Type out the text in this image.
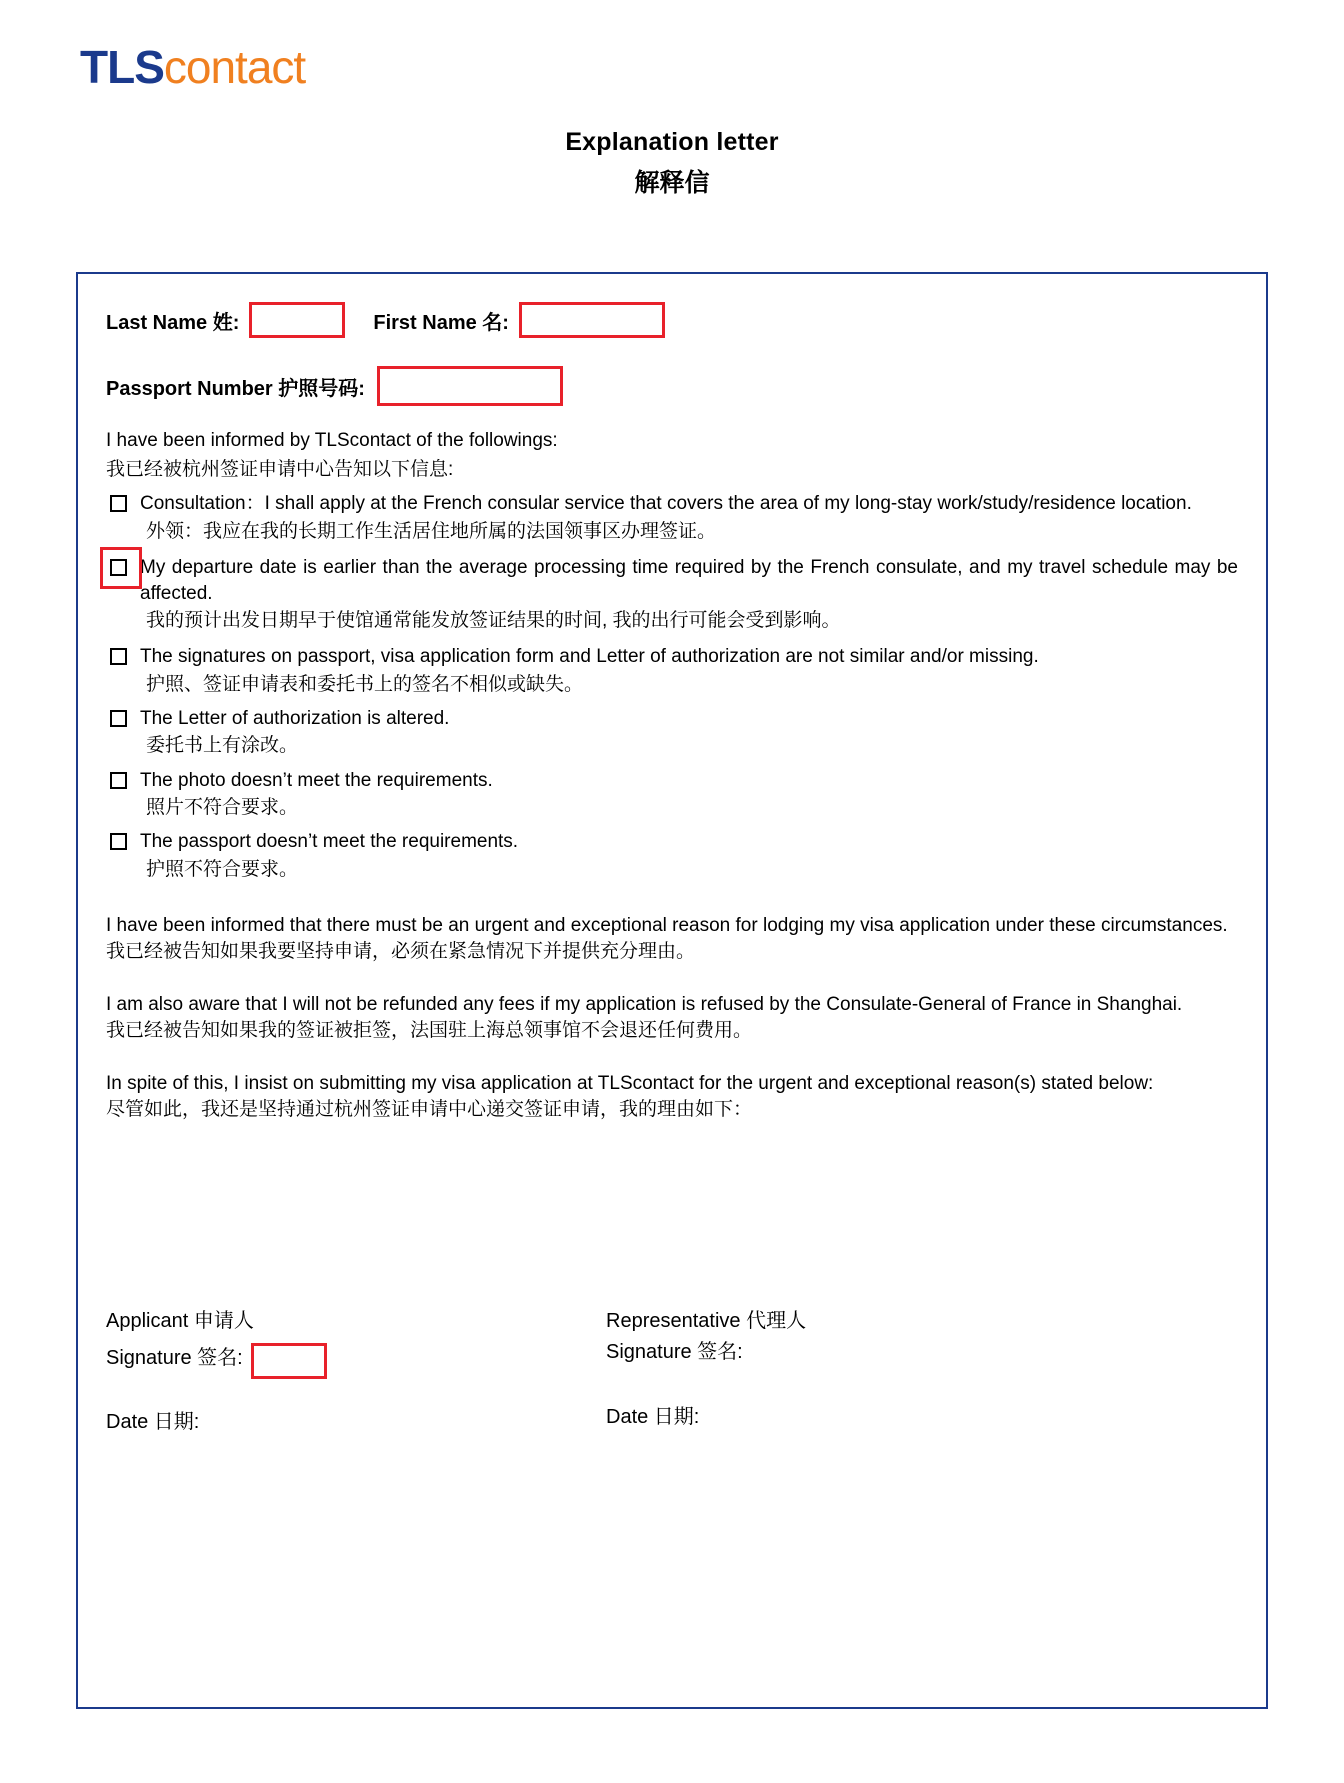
TLScontact
Explanation letter
解释信
Last Name 姓:	First Name 名:
Passport Number 护照号码:
I have been informed by TLScontact of the followings:
我已经被杭州签证申请中心告知以下信息:
Consultation：I shall apply at the French consular service that covers the area of my long-stay work/study/residence location.
外领：我应在我的长期工作生活居住地所属的法国领事区办理签证。
My departure date is earlier than the average processing time required by the French consulate, and my travel schedule may be affected.
我的预计出发日期早于使馆通常能发放签证结果的时间, 我的出行可能会受到影响。
The signatures on passport, visa application form and Letter of authorization are not similar and/or missing.
护照、签证申请表和委托书上的签名不相似或缺失。
The Letter of authorization is altered.
委托书上有涂改。
The photo doesn’t meet the requirements.
照片不符合要求。
The passport doesn’t meet the requirements.
护照不符合要求。
I have been informed that there must be an urgent and exceptional reason for lodging my visa application under these circumstances.
我已经被告知如果我要坚持申请，必须在紧急情况下并提供充分理由。
I am also aware that I will not be refunded any fees if my application is refused by the Consulate-General of France in Shanghai.
我已经被告知如果我的签证被拒签，法国驻上海总领事馆不会退还任何费用。
In spite of this, I insist on submitting my visa application at TLScontact for the urgent and exceptional reason(s) stated below:
尽管如此，我还是坚持通过杭州签证申请中心递交签证申请，我的理由如下：
Applicant 申请人
Signature 签名:
Date 日期:
Representative 代理人
Signature 签名:
Date 日期:
